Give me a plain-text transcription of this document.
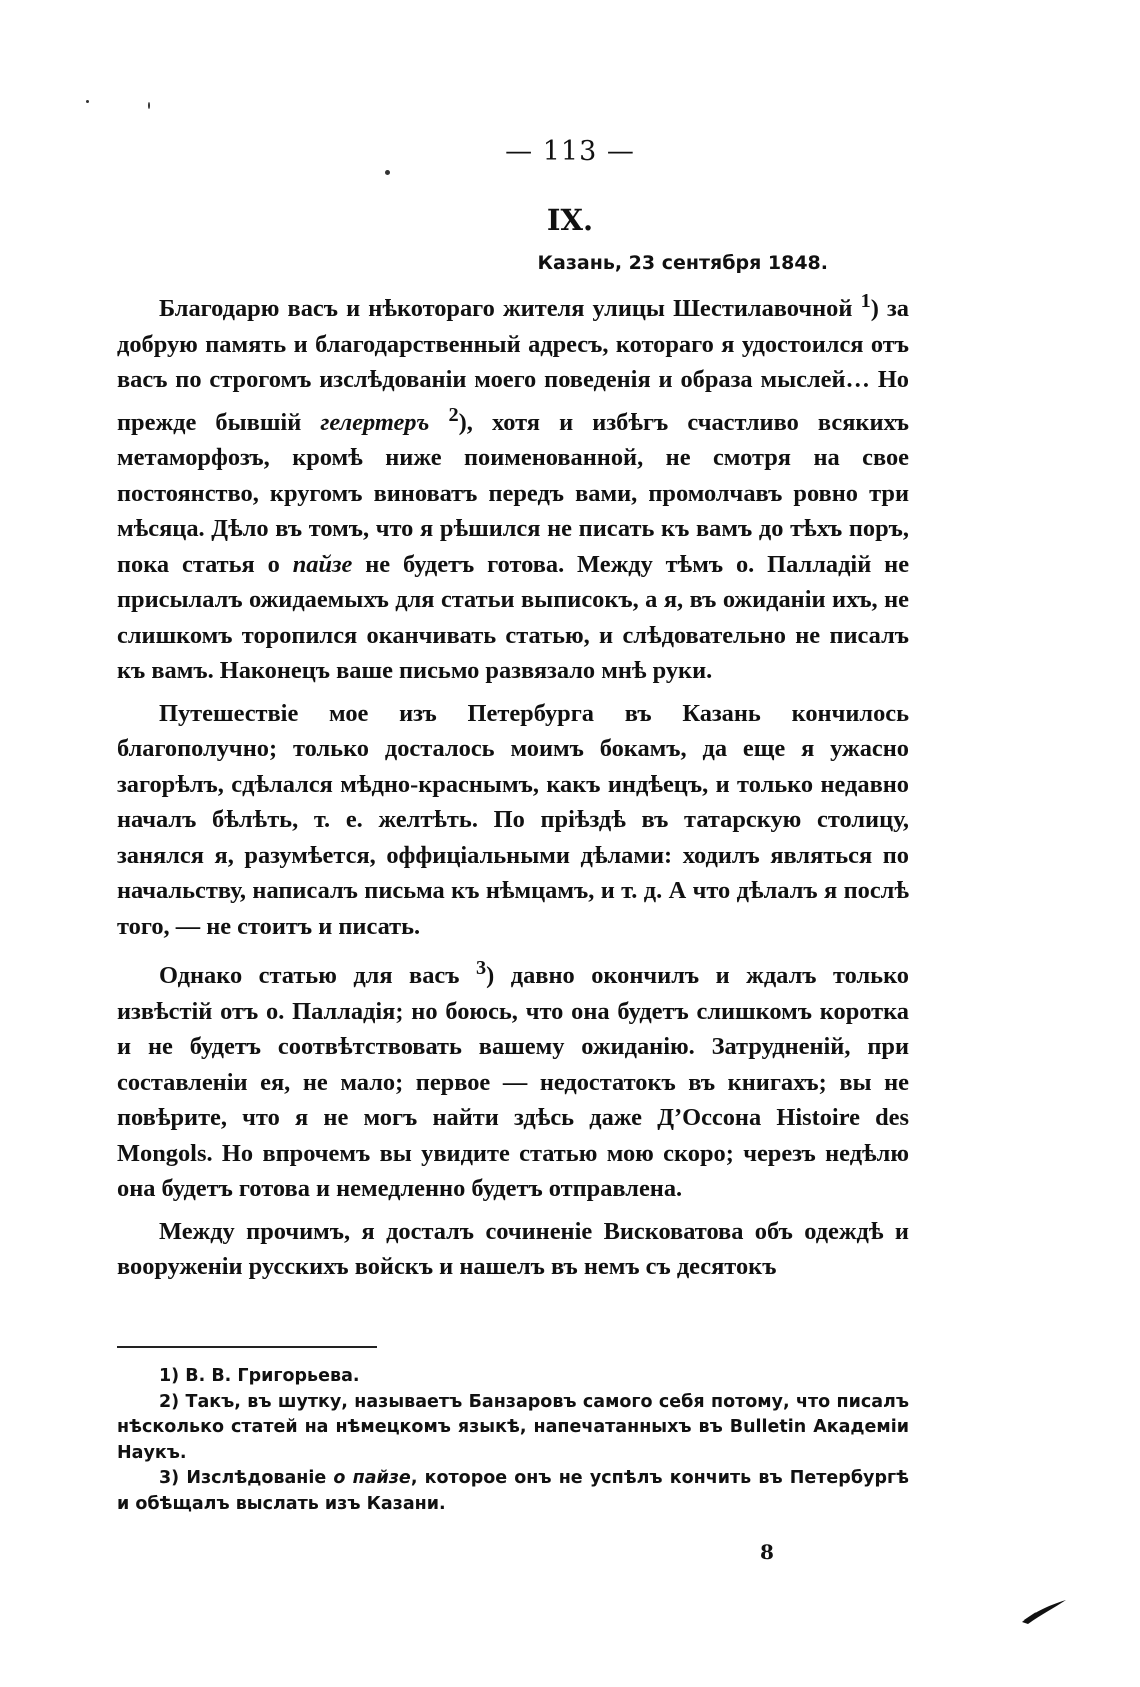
— 113 —
IX.
Казань, 23 сентября 1848.

Благодарю васъ и нѣкотораго жителя улицы Шестилавочной $^1$) за добрую память и благодарственный адресъ, котораго я удостоился отъ васъ по строгомъ изслѣдованіи моего поведенія и образа мыслей… Но прежде бывшій гелертеръ $^2$), хотя и избѣгъ счастливо всякихъ метаморфозъ, кромѣ ниже поименованной, не смотря на свое постоянство, кругомъ виноватъ передъ вами, промолчавъ ровно три мѣсяца. Дѣло въ томъ, что я рѣшился не писать къ вамъ до тѣхъ поръ, пока статья о пайзе не будетъ готова. Между тѣмъ о. Палладій не присылалъ ожидаемыхъ для статьи выписокъ, а я, въ ожиданіи ихъ, не слишкомъ торопился оканчивать статью, и слѣдовательно не писалъ къ вамъ. Наконецъ ваше письмо развязало мнѣ руки.

Путешествіе мое изъ Петербурга въ Казань кончилось благополучно; только досталось моимъ бокамъ, да еще я ужасно загорѣлъ, сдѣлался мѣдно-краснымъ, какъ индѣецъ, и только недавно началъ бѣлѣть, т. е. желтѣть. По пріѣздѣ въ татарскую столицу, занялся я, разумѣется, оффиціальными дѣлами: ходилъ являться по начальству, написалъ письма къ нѣмцамъ, и т. д. А что дѣлалъ я послѣ того, — не стоитъ и писать.

Однако статью для васъ $^3$) давно окончилъ и ждалъ только извѣстій отъ о. Палладія; но боюсь, что она будетъ слишкомъ коротка и не будетъ соотвѣтствовать вашему ожиданію. Затрудненій, при составленіи ея, не мало; первое — недостатокъ въ книгахъ; вы не повѣрите, что я не могъ найти здѣсь даже Д’Оссона Histoire des Mongols. Но впрочемъ вы увидите статью мою скоро; черезъ недѣлю она будетъ готова и немедленно будетъ отправлена.

Между прочимъ, я досталъ сочиненіе Висковатова объ одеждѣ и вооруженіи русскихъ войскъ и нашелъ въ немъ съ десятокъ

1) В. В. Григорьева.

2) Такъ, въ шутку, называетъ Банзаровъ самого себя потому, что писалъ нѣсколько статей на нѣмецкомъ языкѣ, напечатанныхъ въ Bulletin Академіи Наукъ.

3) Изслѣдованіе о пайзе, которое онъ не успѣлъ кончить въ Петербургѣ и обѣщалъ выслать изъ Казани.

8
